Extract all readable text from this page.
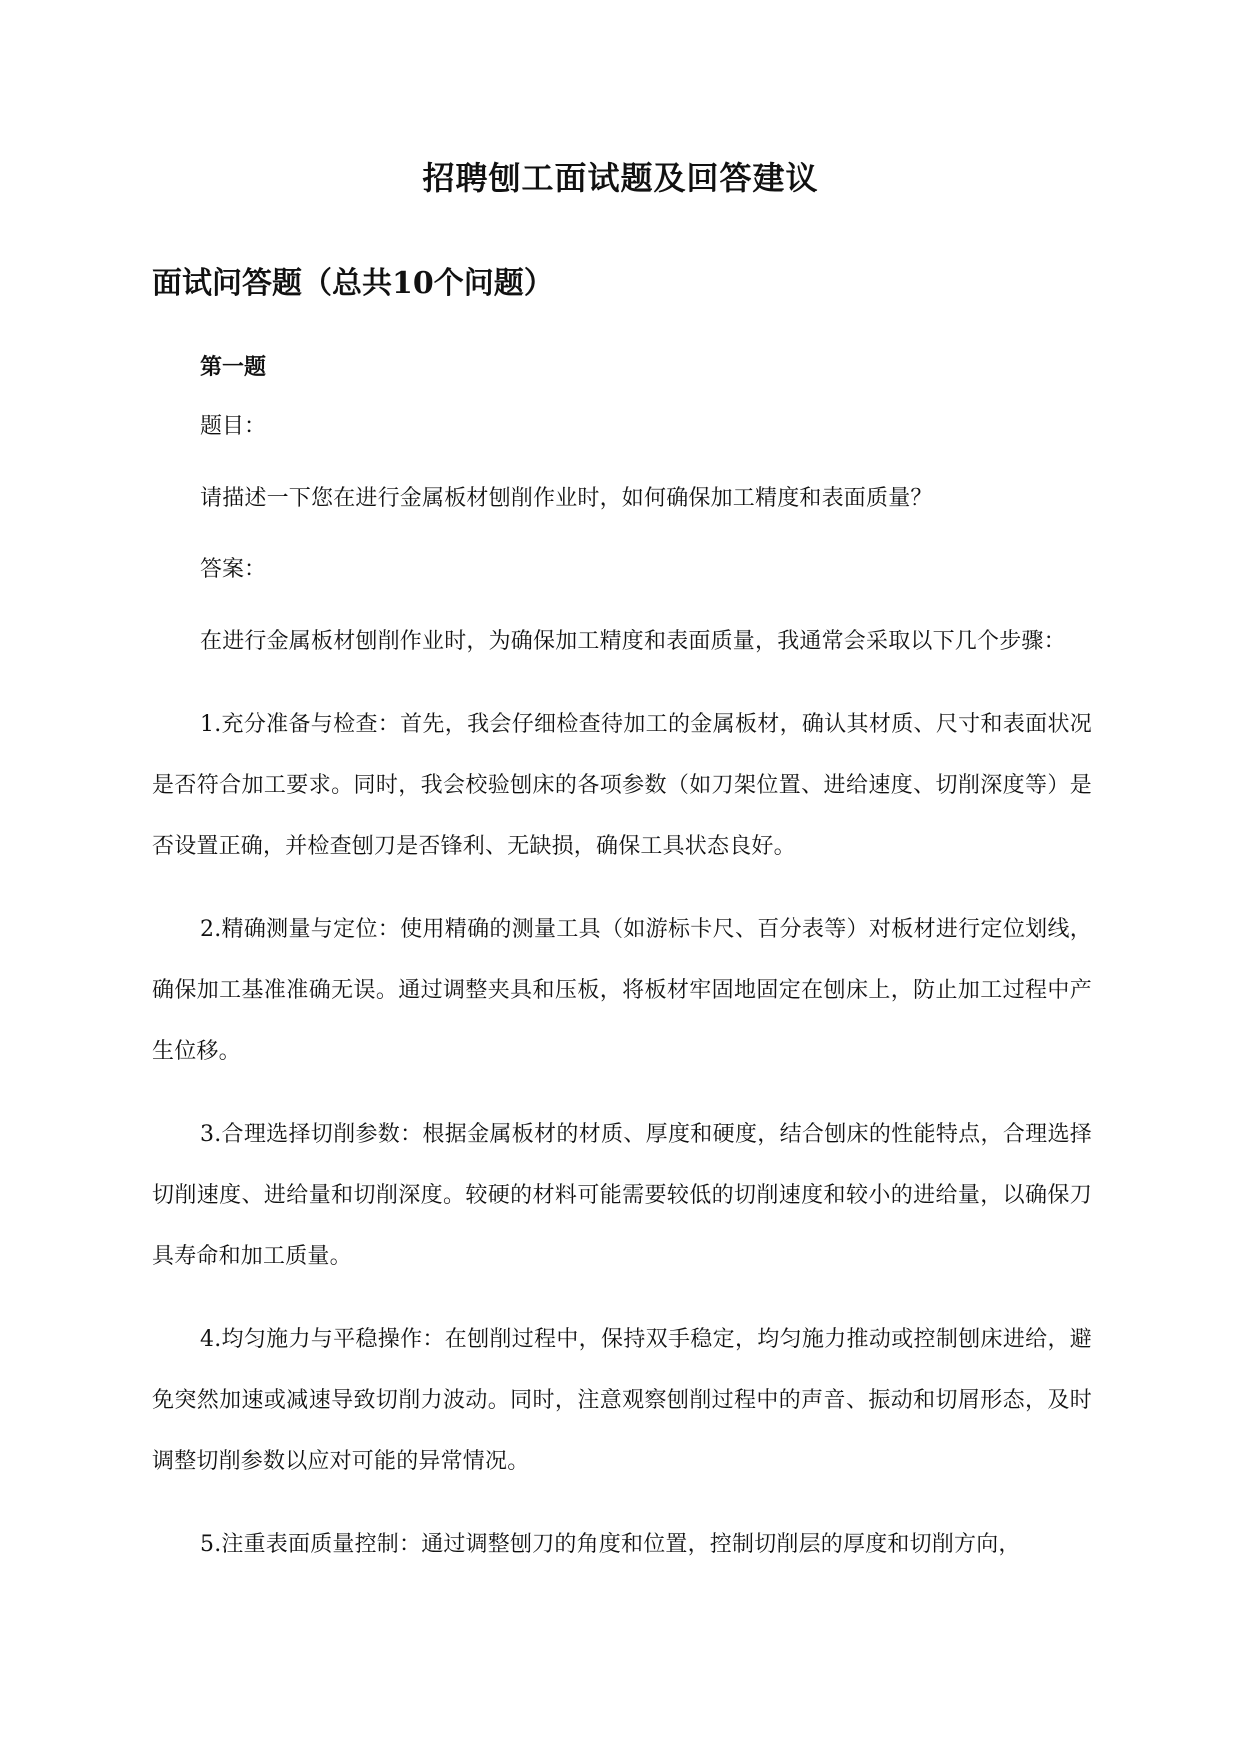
招聘刨工面试题及回答建议
面试问答题（总共10个问题）

第一题

题目：

请描述一下您在进行金属板材刨削作业时，如何确保加工精度和表面质量？

答案：

在进行金属板材刨削作业时，为确保加工精度和表面质量，我通常会采取以下几个步骤：

1.充分准备与检查：首先，我会仔细检查待加工的金属板材，确认其材质、尺寸和表面状况是否符合加工要求。同时，我会校验刨床的各项参数（如刀架位置、进给速度、切削深度等）是否设置正确，并检查刨刀是否锋利、无缺损，确保工具状态良好。

2.精确测量与定位：使用精确的测量工具（如游标卡尺、百分表等）对板材进行定位划线，确保加工基准准确无误。通过调整夹具和压板，将板材牢固地固定在刨床上，防止加工过程中产生位移。

3.合理选择切削参数：根据金属板材的材质、厚度和硬度，结合刨床的性能特点，合理选择切削速度、进给量和切削深度。较硬的材料可能需要较低的切削速度和较小的进给量，以确保刀具寿命和加工质量。

4.均匀施力与平稳操作：在刨削过程中，保持双手稳定，均匀施力推动或控制刨床进给，避免突然加速或减速导致切削力波动。同时，注意观察刨削过程中的声音、振动和切屑形态，及时调整切削参数以应对可能的异常情况。

5.注重表面质量控制：通过调整刨刀的角度和位置，控制切削层的厚度和切削方向，
